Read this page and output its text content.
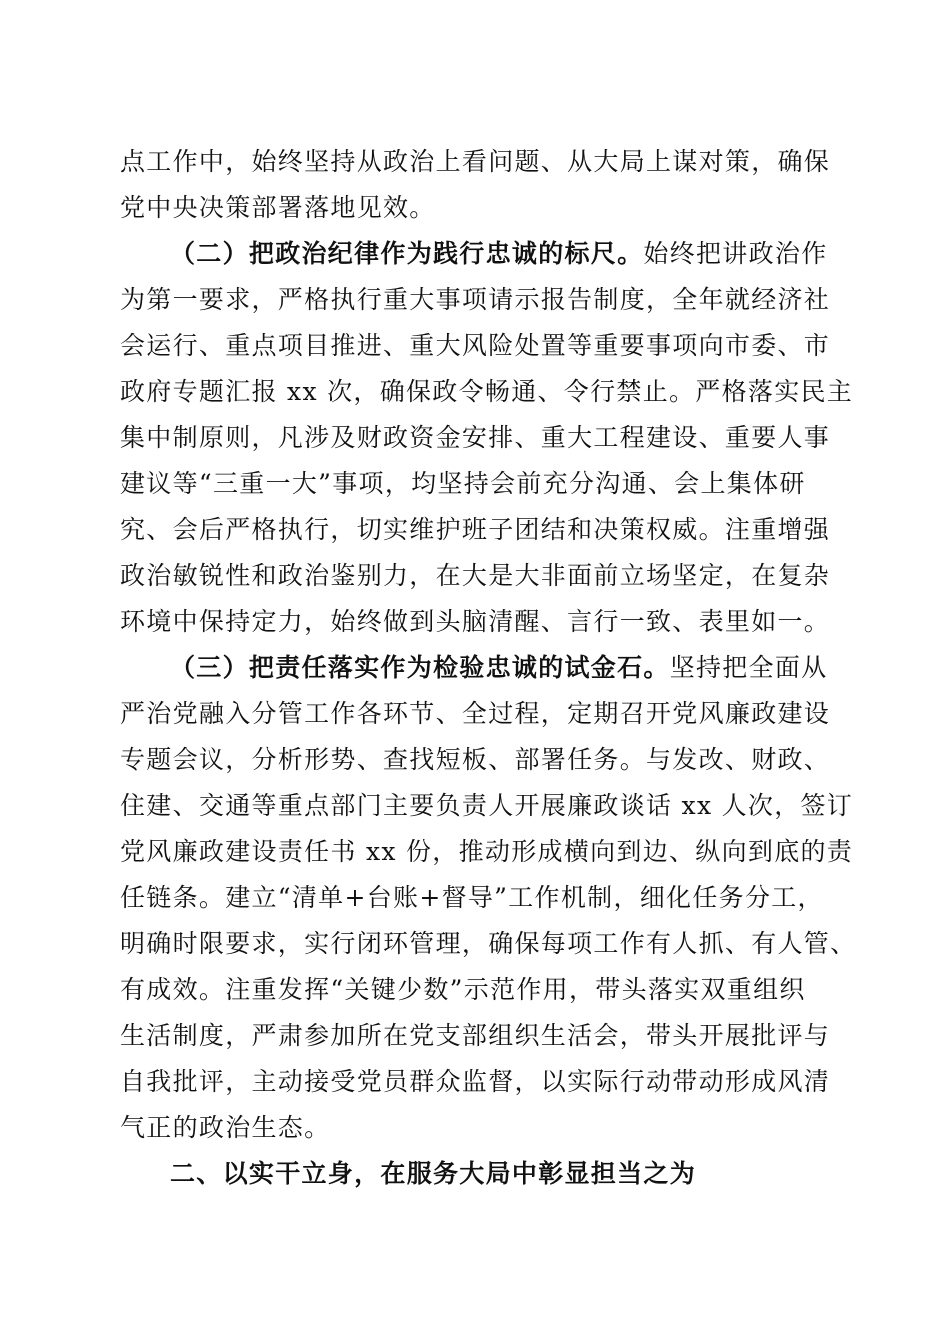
点工作中，始终坚持从政治上看问题、从大局上谋对策，确保
党中央决策部署落地见效。
（二）把政治纪律作为践行忠诚的标尺。始终把讲政治作
为第一要求，严格执行重大事项请示报告制度，全年就经济社
会运行、重点项目推进、重大风险处置等重要事项向市委、市
政府专题汇报 xx 次，确保政令畅通、令行禁止。严格落实民主
集中制原则，凡涉及财政资金安排、重大工程建设、重要人事
建议等“三重一大”事项，均坚持会前充分沟通、会上集体研
究、会后严格执行，切实维护班子团结和决策权威。注重增强
政治敏锐性和政治鉴别力，在大是大非面前立场坚定，在复杂
环境中保持定力，始终做到头脑清醒、言行一致、表里如一。
（三）把责任落实作为检验忠诚的试金石。坚持把全面从
严治党融入分管工作各环节、全过程，定期召开党风廉政建设
专题会议，分析形势、查找短板、部署任务。与发改、财政、
住建、交通等重点部门主要负责人开展廉政谈话 xx 人次，签订
党风廉政建设责任书 xx 份，推动形成横向到边、纵向到底的责
任链条。建立“清单+台账+督导”工作机制，细化任务分工，
明确时限要求，实行闭环管理，确保每项工作有人抓、有人管、
有成效。注重发挥“关键少数”示范作用，带头落实双重组织
生活制度，严肃参加所在党支部组织生活会，带头开展批评与
自我批评，主动接受党员群众监督，以实际行动带动形成风清
气正的政治生态。
二、以实干立身，在服务大局中彰显担当之为
